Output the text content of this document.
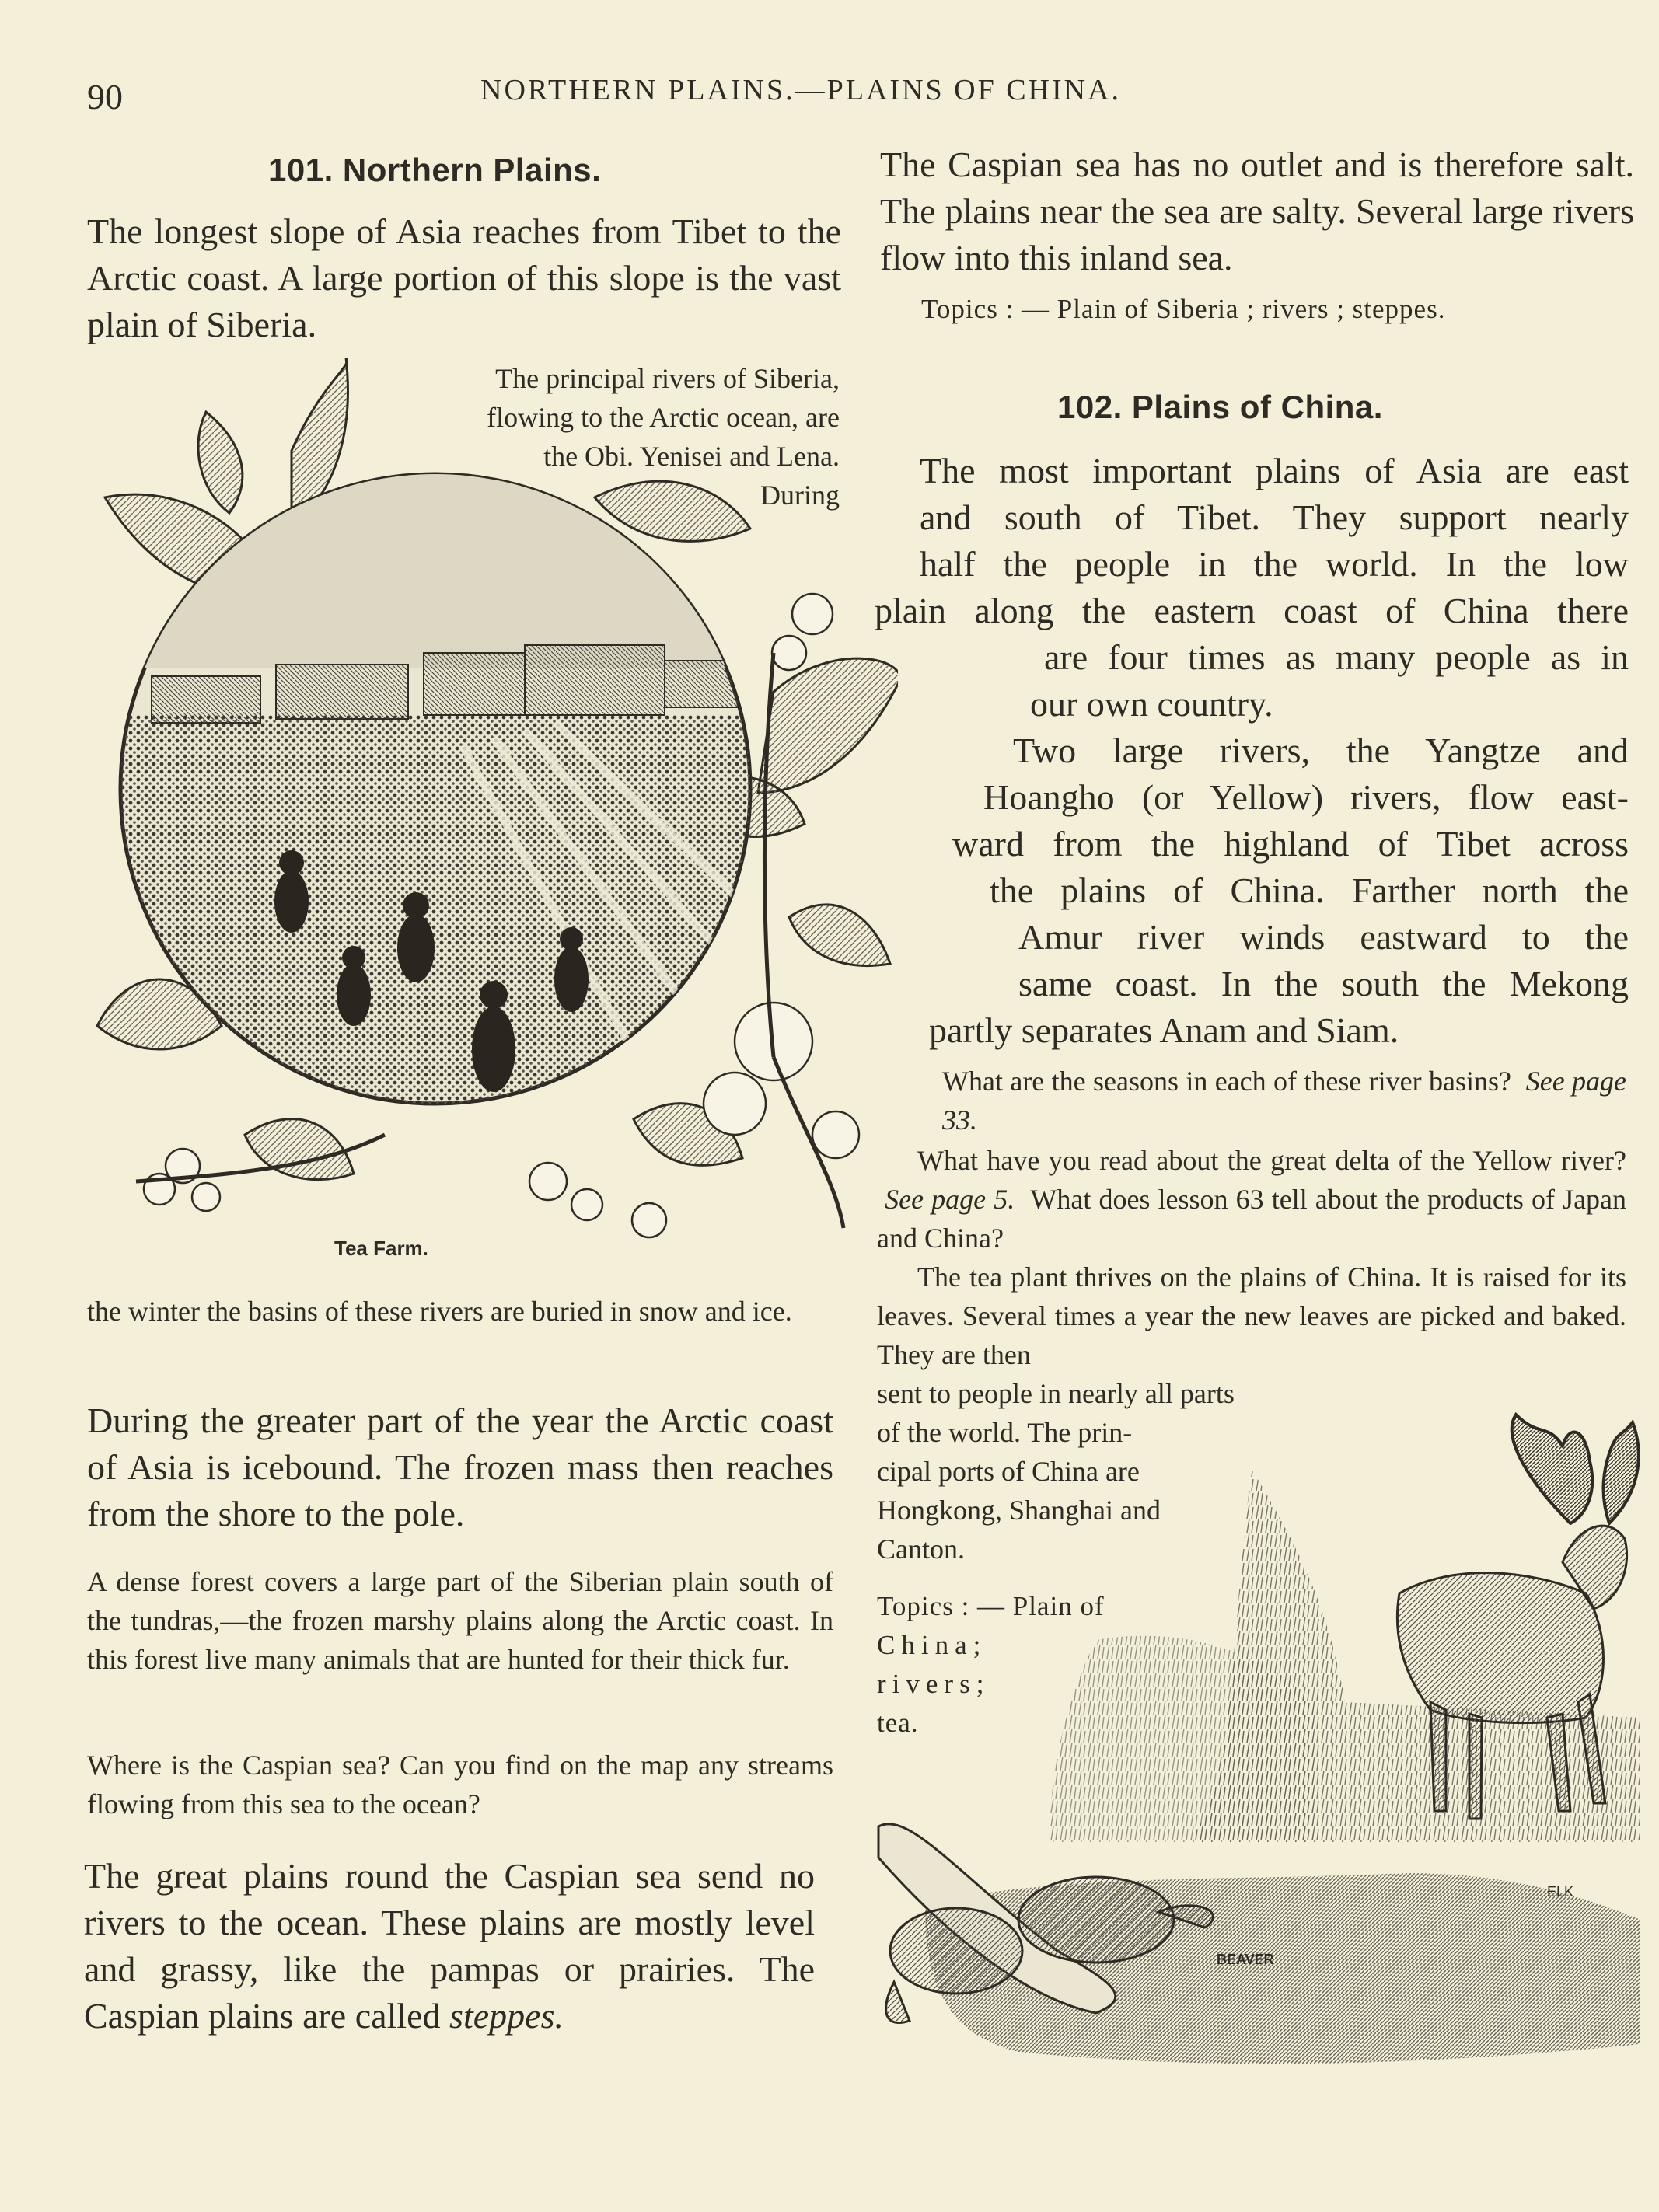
90	NORTHERN PLAINS.—PLAINS OF CHINA.
101. Northern Plains.
The longest slope of Asia reaches from Tibet to the Arctic coast. A large portion of this slope is the vast plain of Siberia.
The principal rivers of Siberia,
flowing to the Arctic ocean, are
the Obi. Yenisei and Lena.
During
Tea Farm.
the winter the basins of these rivers are buried in snow and ice.
During the greater part of the year the Arctic coast of Asia is icebound. The frozen mass then reaches from the shore to the pole.
A dense forest covers a large part of the Siberian plain south of the tundras,—the frozen marshy plains along the Arctic coast. In this forest live many animals that are hunted for their thick fur.
Where is the Caspian sea? Can you find on the map any streams flowing from this sea to the ocean?
The great plains round the Caspian sea send no rivers to the ocean. These plains are mostly level and grassy, like the pampas or prairies. The Caspian plains are called steppes.
The Caspian sea has no outlet and is therefore salt. The plains near the sea are salty. Several large rivers flow into this inland sea.
Topics : — Plain of Siberia ; rivers ; steppes.
102. Plains of China.
The most important plains of Asia are east
and south of Tibet. They support nearly
half the people in the world. In the low
plain along the eastern coast of China there
are four times as many people as in
our own country.
Two large rivers, the Yangtze and
Hoangho (or Yellow) rivers, flow east-
ward from the highland of Tibet across
the plains of China. Farther north the
Amur river winds eastward to the
same coast. In the south the Mekong
partly separates Anam and Siam.
What are the seasons in each of these river basins? See page 33.
What have you read about the great delta of the Yellow river?  See page 5. What does lesson 63 tell about the products of Japan and China?
The tea plant thrives on the plains of China. It is raised for its leaves. Several times a year the new leaves are picked and baked. They are then
sent to people in nearly all parts
of the world. The prin-
cipal ports of China are
Hongkong, Shanghai and
Canton.
Topics : — Plain of
China;
rivers;
tea.
ELK
BEAVER
